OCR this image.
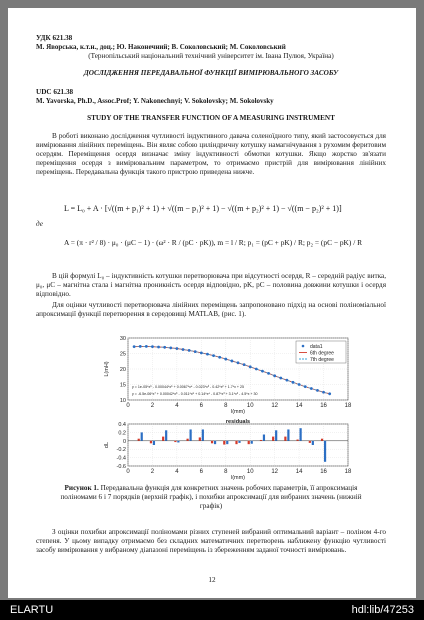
УДК 621.38

М. Яворська, к.т.н., доц.; Ю. Наконечний; В. Соколовський; М. Соколовський

(Тернопільський національний технічний університет ім. Івана Пулюя, Україна)

ДОСЛІДЖЕННЯ ПЕРЕДАВАЛЬНОЇ ФУНКЦІЇ ВИМІРЮВАЛЬНОГО ЗАСОБУ

UDC 621.38

M. Yavorska, Ph.D., Assoc.Prof; Y. Nakonechnyi; V. Sokolovsky; M. Sokolovsky

STUDY OF THE TRANSFER FUNCTION OF A MEASURING INSTRUMENT

В роботі виконано дослідження чутливості індуктивного давача соленоїдного типу, який застосовується для вимірювання лінійних переміщень. Він являє собою циліндричну котушку намагнічування з рухомим феритовим осердям. Переміщення осердя визначає зміну індуктивності обмотки котушки. Якщо жорстко зв'язати переміщення осердя з вимірювальним параметром, то отримаємо пристрій для вимірювання лінійних переміщень. Передавальна функція такого пристрою приведена нижче.

L = L₀ + A · [√((m + p₁)² + 1) + √((m − p₁)² + 1) − √((m + p₂)² + 1) − √((m − p₂)² + 1)]

де

A = (π · r² / 8) · μ₀ · (μC − 1) · (ω² · R / (pC · pK)), m = l / R; p₁ = (pC + pK) / R; p₂ = (pC − pK) / R

В цій формулі L₀ – індуктивність котушки перетворювача при відсутності осердя, R – середній радіус витка, μ₀, μC – магнітна стала і магнітна проникність осердя відповідно, pK, pC – половина довжини котушки і осердя відповідно.

Для оцінки чутливості перетворювача лінійних переміщень запропоновано підхід на основі поліноміальної апроксимації функції перетворення в середовищі MATLAB, (рис. 1).

0	2	4	6	8	10	12	14	16	18
10
15
20
25
30
l(mm)
L(mH)
y = 1e-05*x⁶ - 0.00044*x⁵ + 0.0067*x⁴ - 0.023*x³ - 0.42*x² + 1.7*x + 25
y = -6.5e-06*x⁷ + 0.00042*x⁶ - 0.011*x⁵ + 0.14*x⁴ - 0.87*x³ + 3.1*x² - 4.5*x + 30
data1
6th degree
7th degree
0	2	4	6	8	10	12	14	16	18
-0.6
-0.4
-0.2
0
0.2
0.4
l(mm)
dL
residuals

Рисунок 1. Передавальна функція для конкретних значень робочих параметрів, її апроксимація поліномами 6 і 7 порядків (верхній графік), і похибки апроксимації для вибраних значень (нижній графік)

З оцінки похибки апроксимації поліномами різних ступеней вибраний оптимальний варіант – поліном 4-го степеня. У цьому випадку отримаємо без складних математичних перетворень наближену функцію чутливості засобу вимірювання у вибраному діапазоні переміщень із збереженням заданої точності вимірювань.

12

ELARTU	hdl:lib/47253
